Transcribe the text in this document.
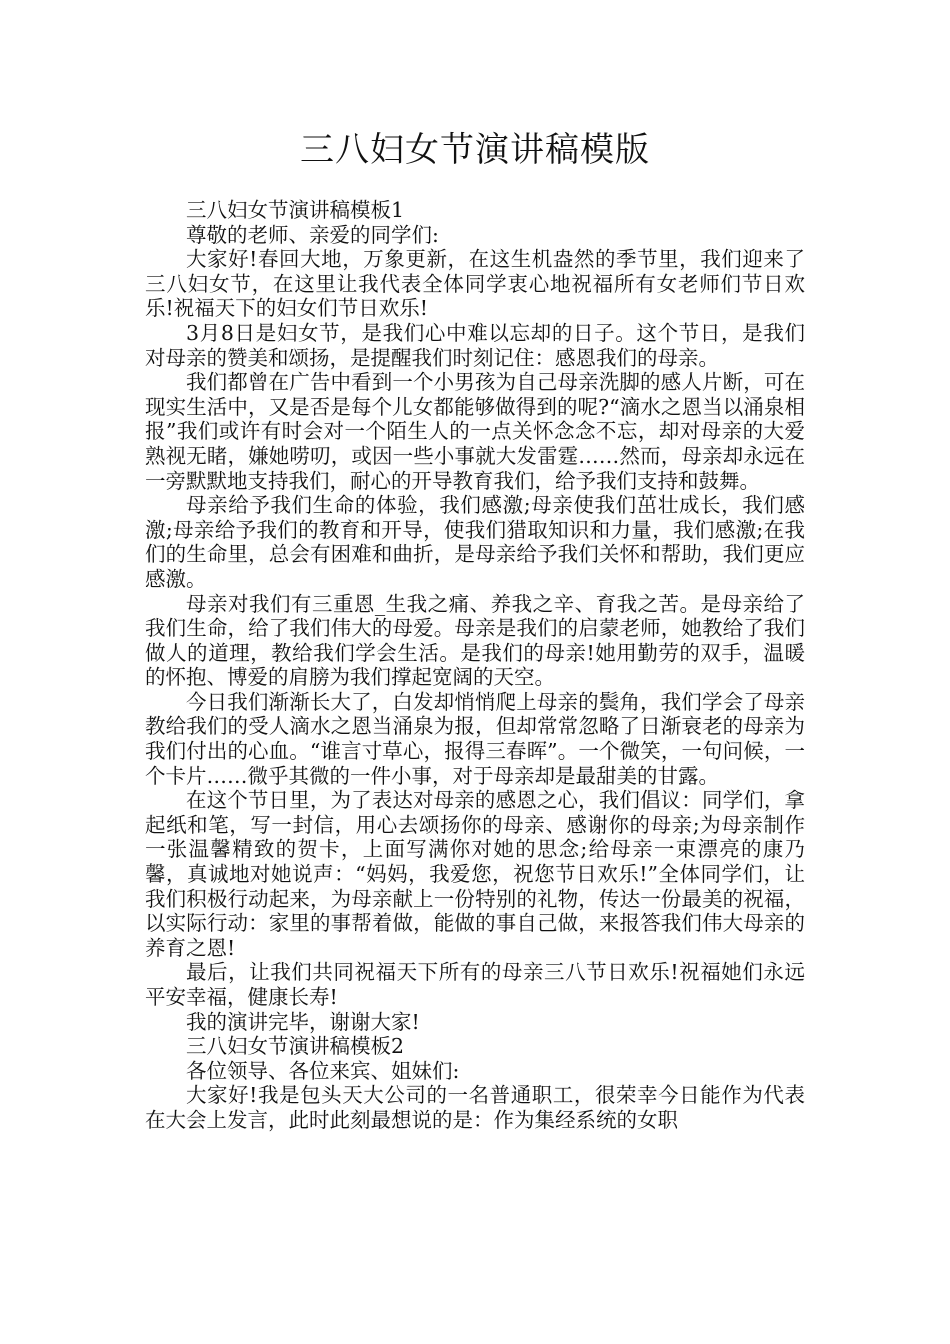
三八妇女节演讲稿模版

三八妇女节演讲稿模板1

尊敬的老师、亲爱的同学们:

大家好!春回大地，万象更新，在这生机盎然的季节里，我们迎来了三八妇女节，在这里让我代表全体同学衷心地祝福所有女老师们节日欢乐!祝福天下的妇女们节日欢乐!

3月8日是妇女节，是我们心中难以忘却的日子。这个节日，是我们对母亲的赞美和颂扬，是提醒我们时刻记住：感恩我们的母亲。

我们都曾在广告中看到一个小男孩为自己母亲洗脚的感人片断，可在现实生活中，又是否是每个儿女都能够做得到的呢?“滴水之恩当以涌泉相报”我们或许有时会对一个陌生人的一点关怀念念不忘，却对母亲的大爱熟视无睹，嫌她唠叨，或因一些小事就大发雷霆……然而，母亲却永远在一旁默默地支持我们，耐心的开导教育我们，给予我们支持和鼓舞。

母亲给予我们生命的体验，我们感激;母亲使我们茁壮成长，我们感激;母亲给予我们的教育和开导，使我们猎取知识和力量，我们感激;在我们的生命里，总会有困难和曲折，是母亲给予我们关怀和帮助，我们更应感激。

母亲对我们有三重恩_生我之痛、养我之辛、育我之苦。是母亲给了我们生命，给了我们伟大的母爱。母亲是我们的启蒙老师，她教给了我们做人的道理，教给我们学会生活。是我们的母亲!她用勤劳的双手，温暖的怀抱、博爱的肩膀为我们撑起宽阔的天空。

今日我们渐渐长大了，白发却悄悄爬上母亲的鬓角，我们学会了母亲教给我们的受人滴水之恩当涌泉为报，但却常常忽略了日渐衰老的母亲为我们付出的心血。“谁言寸草心，报得三春晖”。一个微笑，一句问候，一个卡片……微乎其微的一件小事，对于母亲却是最甜美的甘露。

在这个节日里，为了表达对母亲的感恩之心，我们倡议：同学们，拿起纸和笔，写一封信，用心去颂扬你的母亲、感谢你的母亲;为母亲制作一张温馨精致的贺卡，上面写满你对她的思念;给母亲一束漂亮的康乃馨，真诚地对她说声：“妈妈，我爱您，祝您节日欢乐!”全体同学们，让我们积极行动起来，为母亲献上一份特别的礼物，传达一份最美的祝福，以实际行动：家里的事帮着做，能做的事自己做，来报答我们伟大母亲的养育之恩!

最后，让我们共同祝福天下所有的母亲三八节日欢乐!祝福她们永远平安幸福，健康长寿!

我的演讲完毕，谢谢大家!

三八妇女节演讲稿模板2

各位领导、各位来宾、姐妹们:

大家好!我是包头天大公司的一名普通职工，很荣幸今日能作为代表在大会上发言，此时此刻最想说的是：作为集经系统的女职
